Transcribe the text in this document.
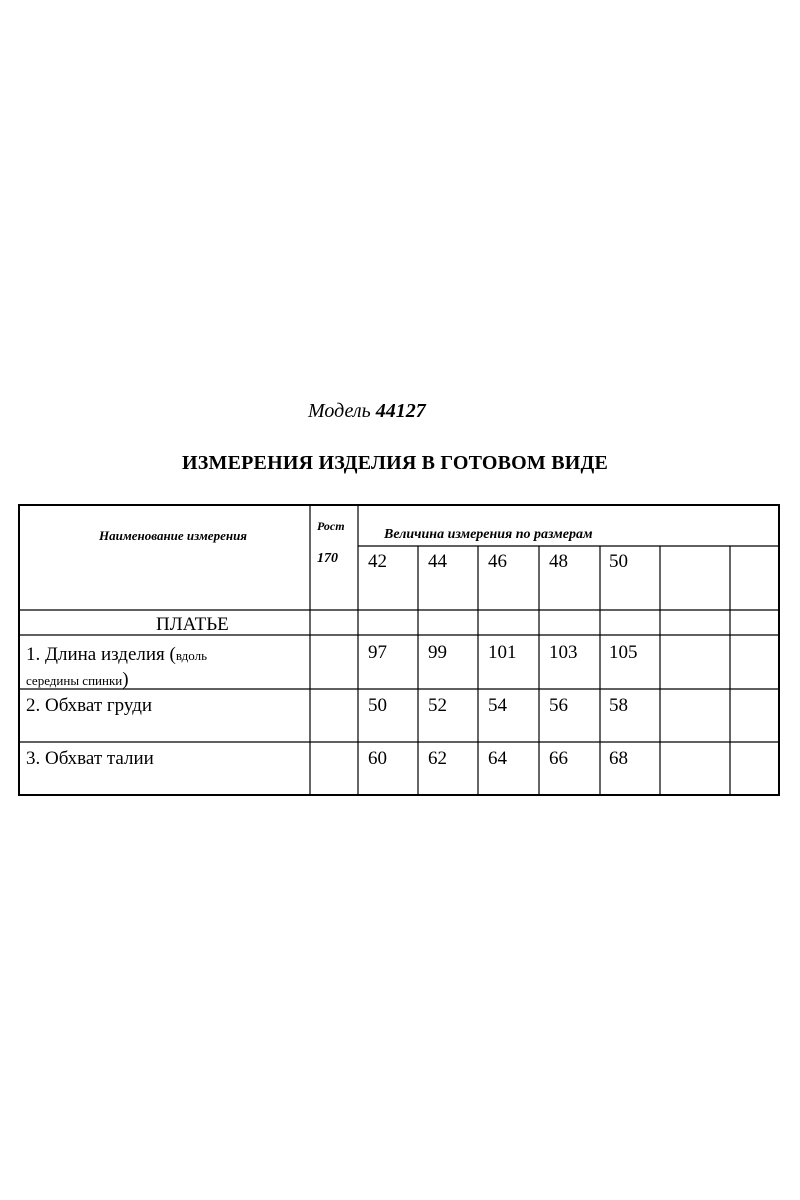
Модель 44127
ИЗМЕРЕНИЯ ИЗДЕЛИЯ В ГОТОВОМ ВИДЕ
Наименование измерения
Рост
170
Величина измерения по размерам
42 44 46 48 50
ПЛАТЬЕ
1. Длина изделия (вдоль
середины спинки)
97 99 101 103 105
2. Обхват груди	50 52 54 56 58
3. Обхват талии	60 62 64 66 68
